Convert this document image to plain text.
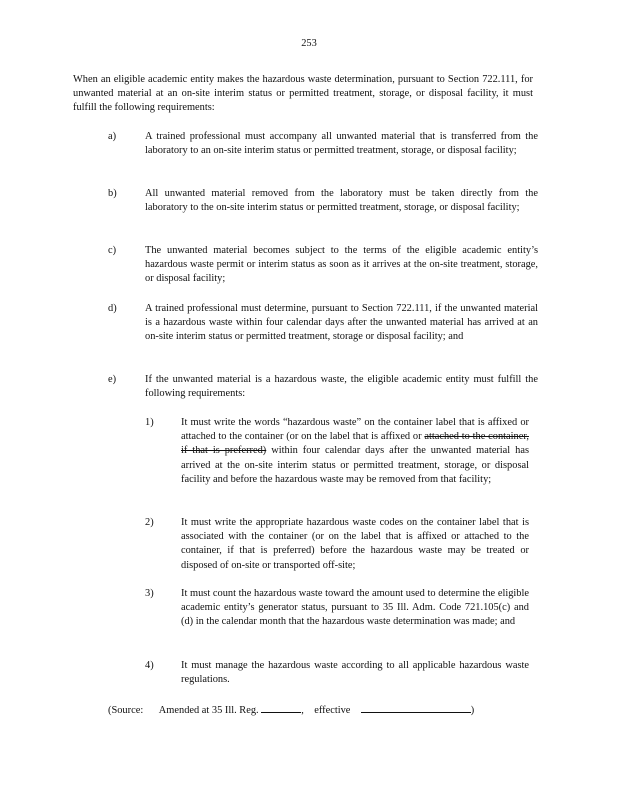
253
When an eligible academic entity makes the hazardous waste determination, pursuant to Section 722.111, for unwanted material at an on-site interim status or permitted treatment, storage, or disposal facility, it must fulfill the following requirements:
a)	A trained professional must accompany all unwanted material that is transferred from the laboratory to an on-site interim status or permitted treatment, storage, or disposal facility;
b)	All unwanted material removed from the laboratory must be taken directly from the laboratory to the on-site interim status or permitted treatment, storage, or disposal facility;
c)	The unwanted material becomes subject to the terms of the eligible academic entity’s hazardous waste permit or interim status as soon as it arrives at the on-site treatment, storage, or disposal facility;
d)	A trained professional must determine, pursuant to Section 722.111, if the unwanted material is a hazardous waste within four calendar days after the unwanted material has arrived at an on-site interim status or permitted treatment, storage or disposal facility; and
e)	If the unwanted material is a hazardous waste, the eligible academic entity must fulfill the following requirements:
1)	It must write the words “hazardous waste” on the container label that is affixed or attached to the container (or on the label that is affixed or attached to the container, if that is preferred) within four calendar days after the unwanted material has arrived at the on-site interim status or permitted treatment, storage, or disposal facility and before the hazardous waste may be removed from that facility;
2)	It must write the appropriate hazardous waste codes on the container label that is associated with the container (or on the label that is affixed or attached to the container, if that is preferred) before the hazardous waste may be treated or disposed of on-site or transported off-site;
3)	It must count the hazardous waste toward the amount used to determine the eligible academic entity’s generator status, pursuant to 35 Ill. Adm. Code 721.105(c) and (d) in the calendar month that the hazardous waste determination was made; and
4)	It must manage the hazardous waste according to all applicable hazardous waste regulations.
(Source: Amended at 35 Ill. Reg.	, effective	)
